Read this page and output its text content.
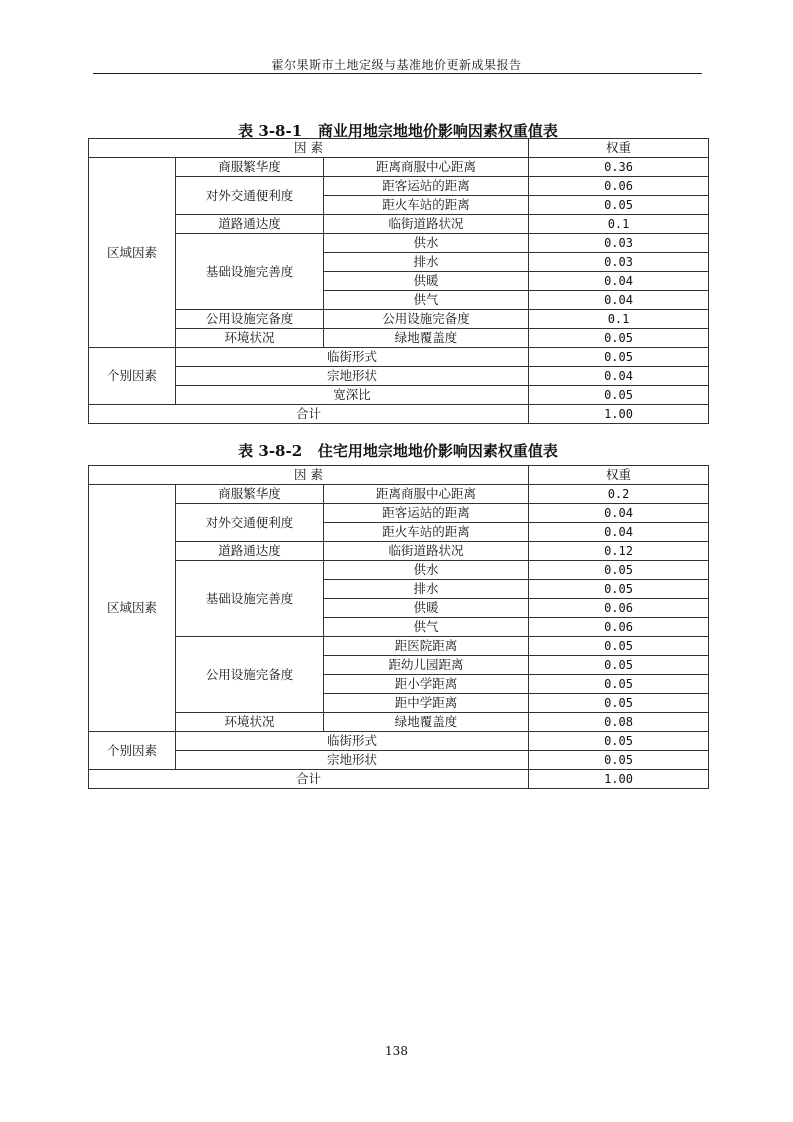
霍尔果斯市土地定级与基准地价更新成果报告
表 3-8-1   商业用地宗地地价影响因素权重值表
因 素			权重
区域因素	商服繁华度	距离商服中心距离	0.36
	对外交通便利度	距客运站的距离	0.06
		距火车站的距离	0.05
	道路通达度	临街道路状况	0.1
	基础设施完善度	供水	0.03
		排水	0.03
		供暖	0.04
		供气	0.04
	公用设施完备度	公用设施完备度	0.1
	环境状况	绿地覆盖度	0.05
个别因素	临街形式		0.05
	宗地形状		0.04
	宽深比		0.05
合计			1.00
表 3-8-2   住宅用地宗地地价影响因素权重值表
因 素			权重
区域因素	商服繁华度	距离商服中心距离	0.2
	对外交通便利度	距客运站的距离	0.04
		距火车站的距离	0.04
	道路通达度	临街道路状况	0.12
	基础设施完善度	供水	0.05
		排水	0.05
		供暖	0.06
		供气	0.06
	公用设施完备度	距医院距离	0.05
		距幼儿园距离	0.05
		距小学距离	0.05
		距中学距离	0.05
	环境状况	绿地覆盖度	0.08
个别因素	临街形式		0.05
	宗地形状		0.05
合计			1.00
138
